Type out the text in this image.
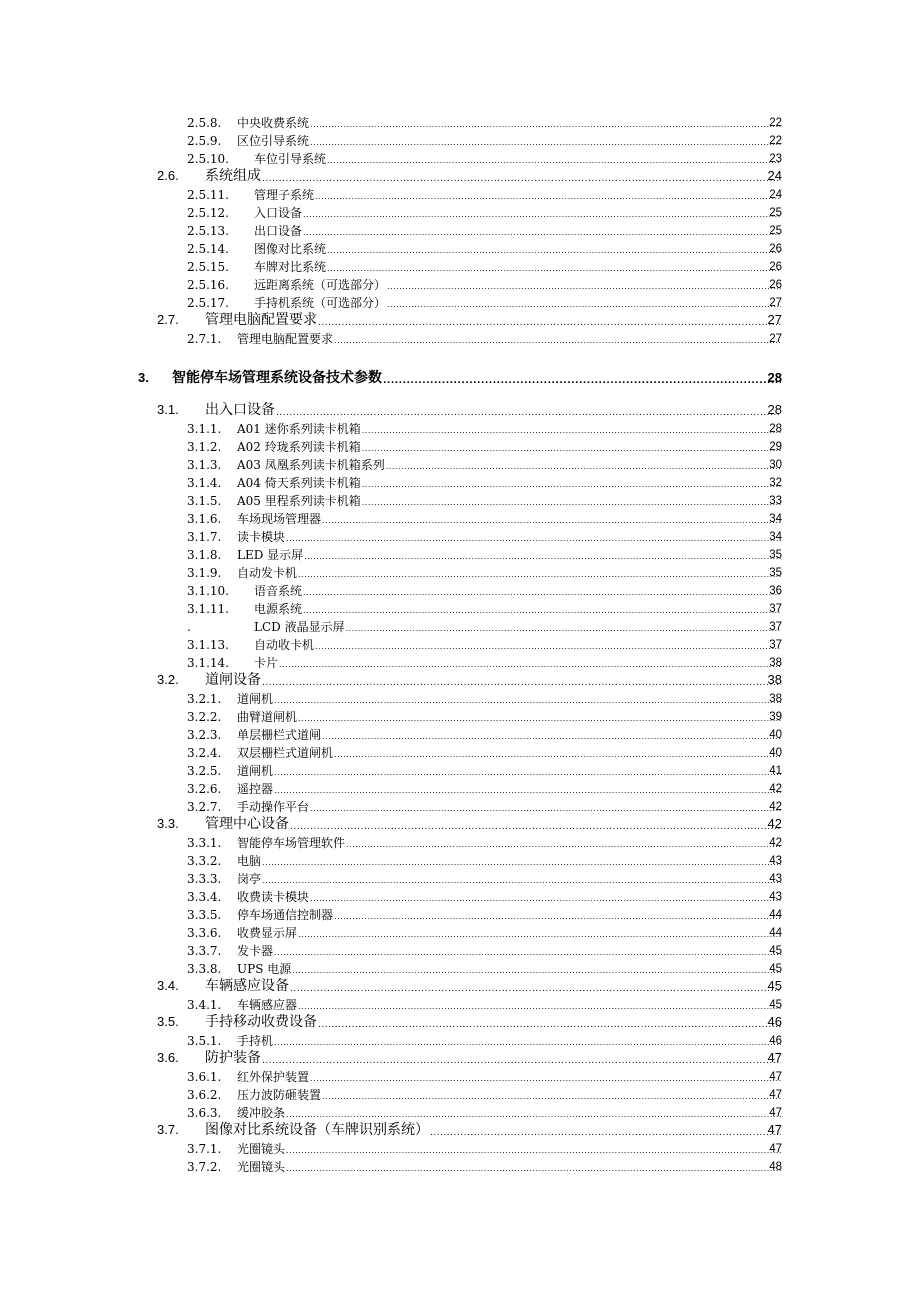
2.5.8. 中央收费系统 .....	22
2.5.9. 区位引导系统 .....	22
2.5.10. 车位引导系统 .....	23
2.6. 系统组成 .....	24
2.5.11. 管理子系统 .....	24
2.5.12. 入口设备 .....	25
2.5.13. 出口设备 .....	25
2.5.14. 图像对比系统 .....	26
2.5.15. 车牌对比系统 .....	26
2.5.16. 远距离系统（可选部分） .....	26
2.5.17. 手持机系统（可选部分） .....	27
2.7. 管理电脑配置要求 .....	27
2.7.1. 管理电脑配置要求 .....	27
3. 智能停车场管理系统设备技术参数 .....	28
3.1. 出入口设备 .....	28
3.1.1. A01 迷你系列读卡机箱 .....	28
3.1.2. A02 玲珑系列读卡机箱 .....	29
3.1.3. A03 凤凰系列读卡机箱系列 .....	30
3.1.4. A04 倚天系列读卡机箱 .....	32
3.1.5. A05 里程系列读卡机箱 .....	33
3.1.6. 车场现场管理器 .....	34
3.1.7. 读卡模块 .....	34
3.1.8. LED 显示屏 .....	35
3.1.9. 自动发卡机 .....	35
3.1.10. 语音系统 .....	36
3.1.11. 电源系统 .....	37
.	LCD 液晶显示屏 .....	37
3.1.13. 自动收卡机 .....	37
3.1.14. 卡片 .....	38
3.2. 道闸设备 .....	38
3.2.1. 道闸机 .....	38
3.2.2. 曲臂道闸机 .....	39
3.2.3. 单层栅栏式道闸 .....	40
3.2.4. 双层栅栏式道闸机 .....	40
3.2.5. 道闸机 .....	41
3.2.6. 遥控器 .....	42
3.2.7. 手动操作平台 .....	42
3.3. 管理中心设备 .....	42
3.3.1. 智能停车场管理软件 .....	42
3.3.2. 电脑 .....	43
3.3.3. 岗亭 .....	43
3.3.4. 收费读卡模块 .....	43
3.3.5. 停车场通信控制器 .....	44
3.3.6. 收费显示屏 .....	44
3.3.7. 发卡器 .....	45
3.3.8. UPS 电源 .....	45
3.4. 车辆感应设备 .....	45
3.4.1. 车辆感应器 .....	45
3.5. 手持移动收费设备 .....	46
3.5.1. 手持机 .....	46
3.6. 防护装备 .....	47
3.6.1. 红外保护装置 .....	47
3.6.2. 压力波防砸装置 .....	47
3.6.3. 缓冲胶条 .....	47
3.7. 图像对比系统设备（车牌识别系统） .....	47
3.7.1. 光圈镜头 .....	47
3.7.2. 光圈镜头 .....	48
